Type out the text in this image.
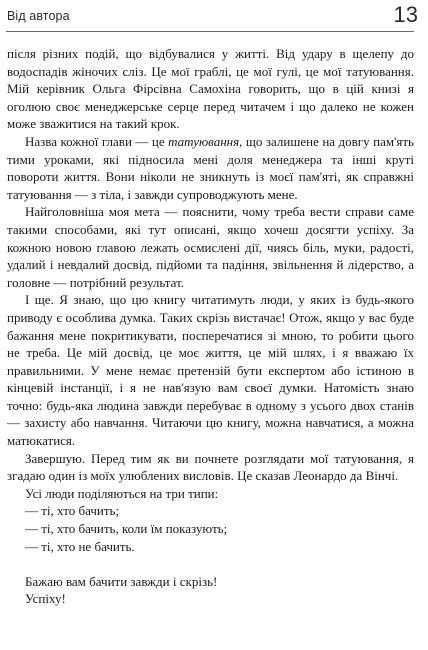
Від автора	13

після різних подій, що відбувалися у житті. Від удару в щелепу до водоспадів жіночих сліз. Це мої граблі, це мої гулі, це мої татуювання. Мій керівник Ольга Фірсівна Самохіна говорить, що в цій книзі я оголюю своє менеджерське серце перед читачем і що далеко не кожен може зважитися на такий крок.

Назва кожної глави — це татуювання, що залишене на довгу пам'ять тими уроками, які підносила мені доля менеджера та інші круті повороти життя. Вони ніколи не зникнуть із моєї пам'яті, як справжні татуювання — з тіла, і завжди супроводжують мене.

Найголовніша моя мета — пояснити, чому треба вести справи саме такими способами, які тут описані, якщо хочеш досягти успіху. За кожною новою главою лежать осмислені дії, чиясь біль, муки, радості, удалий і невдалий досвід, підйоми та падіння, звільнення й лідерство, а головне — потрібний результат.

І ще. Я знаю, що цю книгу читатимуть люди, у яких із будь-якого приводу є особлива думка. Таких скрізь вистачає! Отож, якщо у вас буде бажання мене покритикувати, посперечатися зі мною, то робити цього не треба. Це мій досвід, це моє життя, це мій шлях, і я вважаю їх правильними. У мене немає претензій бути експертом або істиною в кінцевій інстанції, і я не нав'язую вам своєї думки. Натомість знаю точно: будь-яка людина завжди перебуває в одному з усього двох станів — захисту або навчання. Читаючи цю книгу, можна навчатися, а можна матюкатися.

Завершую. Перед тим як ви почнете розглядати мої татуювання, я згадаю один із моїх улюблених висловів. Це сказав Леонардо да Вінчі.

Усі люди поділяються на три типи:

— ті, хто бачить;

— ті, хто бачить, коли їм показують;

— ті, хто не бачить.

Бажаю вам бачити завжди і скрізь!

Успіху!
